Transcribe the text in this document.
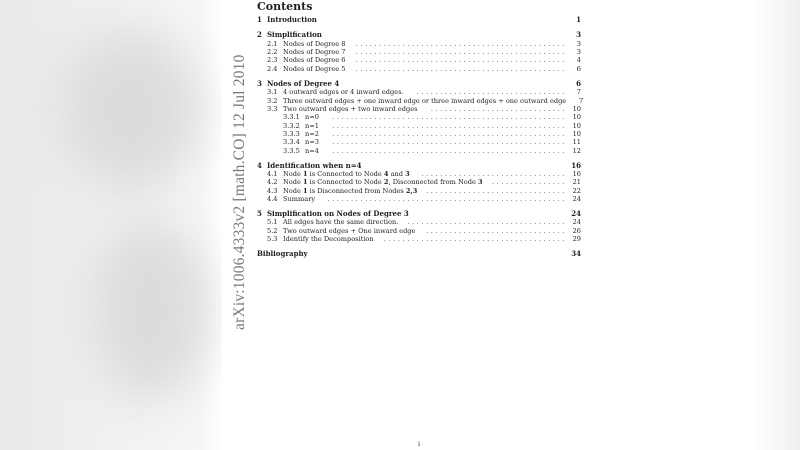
arXiv:1006.4333v2 [math.CO] 12 Jul 2010
Contents
1 Introduction	1
2 Simplification	3
2.1 Nodes of Degree 8	.............................................	3
2.2 Nodes of Degree 7	.............................................	3
2.3 Nodes of Degree 6	.............................................	4
2.4 Nodes of Degree 5	.............................................	6
3 Nodes of Degree 4	6
3.1 4 outward edges or 4 inward edges.	................................	7
3.2 Three outward edges + one inward edge or three inward edges + one outward edge	7
3.3 Two outward edges + two inward edges	............................. 10
3.3.1 n=0	.................................................. 10
3.3.2 n=1	.................................................. 10
3.3.3 n=2	.................................................. 10
3.3.4 n=3	.................................................. 11
3.3.5 n=4	.................................................. 12
4 Identification when n=4	16
4.1 Node 1 is Connected to Node 4 and 3	............................... 16
4.2 Node 1 is Connected to Node 2, Disconnected from Node 3	................ 21
4.3 Node 1 is Disconnected from Nodes 2,3	.............................. 22
4.4 Summary	................................................... 24
5 Simplification on Nodes of Degree 3	24
5.1 All edges have the same direction.	.................................. 24
5.2 Two outward edges + One inward edge	.............................. 26
5.3 Identify the Decomposition	....................................... 29
Bibliography	34
i
